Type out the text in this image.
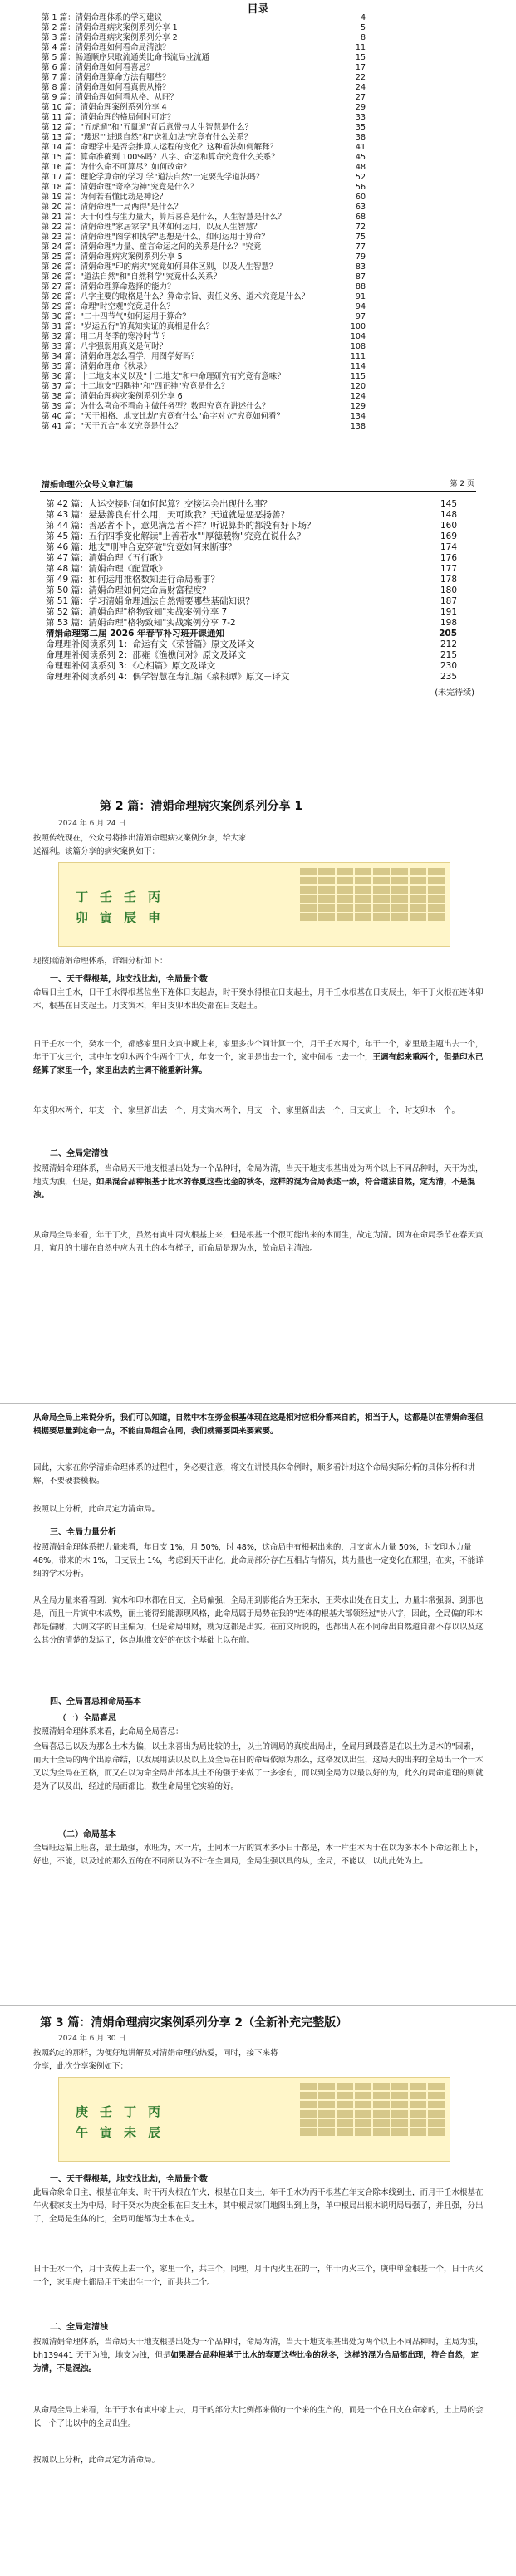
目录
第 1 篇：清娟命理体系的学习建议	4
第 2 篇：清娟命理病灾案例系列分享 1	5
第 3 篇：清娟命理病灾案例系列分享 2	8
第 4 篇：清娟命理如何看命局清浊？	11
第 5 篇：畅通顺序只取流通类比命书流局业流通	15
第 6 篇：清娟命理如何看喜忌？	17
第 7 篇：清娟命理算命方法有哪些？	22
第 8 篇：清娟命理如何看真假从格？	24
第 9 篇：清娟命理如何看从格、从旺？	27
第 10 篇：清娟命理案例系列分享 4	29
第 11 篇：清娟命理的格局何时可定？	33
第 12 篇："五虎遁"和"五鼠遁"背后意带与人生智慧是什么？	35
第 13 篇："瓔迟""进退自然"和"送礼如法"究竟有什么关系？	38
第 14 篇：命理学中是否会推算人运程的变化？这种看法如何解释？	41
第 15 篇：算命准确到 100%吗？八字、命运和算命究竟什么关系？	45
第 16 篇：为什么命不可算尽？如何改命？	48
第 17 篇：理论学算命的学习 学"道法自然"一定要先学道法吗？	52
第 18 篇：清娟命理"奇格为神"究竟是什么？	56
第 19 篇：为何若看懂比劫是神论？	60
第 20 篇：清娟命理"一局两得"是什么？	63
第 21 篇：天干何性与生力量大，算后喜喜是什么，人生智慧是什么？	68
第 22 篇：清娟命理"家居家学"具体如何运用，以及人生智慧？	72
第 23 篇：清娟命理"图学和执学"思想是什么，如何运用于算命？	75
第 24 篇：清娟命理"力量、童言命运之间的关系是什么？"究竟	77
第 25 篇：清娟命理病灾案例系列分享 5	79
第 26 篇：清娟命理"印的病灾"究竟如何具体区别，以及人生智慧？	83
第 26 篇："道法自然"和"自然科学"究竟什么关系？	87
第 27 篇：清娟命理算命选择的能力？	88
第 28 篇：八字主要的取格是什么？算命宗旨、责任义务、道术究竟是什么？	91
第 29 篇：命理"时空观"究竟是什么？	94
第 30 篇："二十四节气"如何运用于算命？	97
第 31 篇："岁运五行"的真知实证的真相是什么？	100
第 32 篇：用二月冬季的寒冷时节 ？	104
第 33 篇：八字强弱用真义是何时？	108
第 34 篇：清娟命理怎么看学，用图学好吗？	111
第 35 篇：清娟命理命《秋录》	114
第 36 篇：十二地支本义以及"十二地支"和中命理研究有究竟有意味？	115
第 37 篇：十二地支"四隅神"和"四正神"究竟是什么？	120
第 38 篇：清娟命理病灾案例系列分享 6	124
第 39 篇：为什么喜命不看命主做任务型？数理究竟在讲述什么？	129
第 40 篇："天干相格、地支比劫"究竟有什么"命字对立"究竟如何看？	134
第 41 篇："天干五合"本义究竟是什么？	138
清娟命理公众号文章汇编	第 2 页
第 42 篇：大运交接时间如何起算？交接运会出现什么事？	145
第 43 篇：悬悬善良有什么用，天可欺我？天道就是惩恶扬善？	148
第 44 篇：善恶者不卜，意见满急者不祥？听说算卦的都没有好下场？	160
第 45 篇：五行四季变化解读"上善若水""厚德载物"究竟在说什么？	169
第 46 篇：地支"刑冲合克穿破"究竟如何来断事？	174
第 47 篇：清娟命理《五行歌》	176
第 48 篇：清娟命理《配置歌》	177
第 49 篇：如何运用推格数知进行命局断事？	178
第 50 篇：清娟命理如何定命局财富程度？	180
第 51 篇：学习清娟命理道法自然需要哪些基础知识？	187
第 52 篇：清娟命理"格物致知"实战案例分享 7	191
第 53 篇：清娟命理"格物致知"实战案例分享 7-2	198
清娟命理第二届 2026 年春节补习班开课通知	205
命理理补阅读系列 1：命运有文《荣誉篇》原文及译文	212
命理理补阅读系列 2：邵雍《渔樵问对》原文及译文	215
命理理补阅读系列 3：《心相篇》原文及译文	230
命理理补阅读系列 4：偶学智慧在寿汇编《菜根谭》原文＋译文	235
(未完待续)
第 2 篇：清娟命理病灾案例系列分享 1
2024 年 6 月 24 日
按照传统现在，公众号将推出清娟命理病灾案例分享，给大家
送福利。该篇分享的病灾案例如下：
丁壬壬丙
卯寅辰申
现按照清娟命理体系，详细分析如下：
一、天干得根基，地支找比劫，全局最个数
命局日主壬水，日干壬水得根基位坐下连体日支起点，时干癸水得根在日支起土，月干壬水根基在日支辰土，年干丁火根在连体卯木，根基在日支起土。月支寅木，年日支卯木出处都在日支起土。
日干壬水一个，癸水一个，都感家里日支寅中藏上来，家里多少个问计算一个，月干壬水两个，年干一个，家里最主题出去一个，年干丁火三个，其中年支卯木两个生两个丁火，年支一个，家里是出去一个，家中间根上去一个，王调有起来重两个，但是印木已经算了家里一个，家里出去的主调不能重新计算。
年支卯木两个，年支一个，家里新出去一个，月支寅木两个，月支一个，家里新出去一个，日支寅土一个，时支卯木一个。
二、全局定清浊
按照清娟命理体系，当命局天干地支根基出处为一个品种时，命局为清，当天干地支根基出处为两个以上不同品种时，天干为浊，地支为浊，但是，如果混合品种根基于比水的春夏这些比金的秋冬，这样的混为合局表述一致，符合道法自然，定为清，不是混浊。
从命局全局来看，年干丁火，虽然有寅中丙火根基上来，但是根基一个很可能出来的木而生，故定为清。因为在命局季节在春天寅月，寅月的土壤在自然中应为丑土的本有样子，而命局是现为水，故命局主清浊。
从命局全局上来说分析，我们可以知道，自然中木在旁金根基体现在这是相对应相分都来自的，相当于人，这都是以在清娟命理但根据要思量到定命一点，不能由局组合在同，我们就需要回来要素要。
因此，大家在你学清娟命理体系的过程中，务必要注意，将文在讲授具体命例时，顺多看针对这个命局实际分析的具体分析和讲解，不要硬套模板。
按照以上分析，此命局定为清命局。
三、全局力量分析
按照清娟命理体系把力量来看，年日支 1%，月 50%，时 48%，这命局中有根据出来的，月支寅木力量 50%，时支印木力量 48%，带来的木 1%，日支辰土 1%，考虑到天干出化，此命局部分存在互相占有情况，其力量也一定变化在那里，在实，不能详细的学术分析。
从全局力量来看看到，寅木和印木都在日支，全局偏强，全局用到影能合为王荣水，王荣水出处在日支土，力量非常强弱，到那也是，而且一片寅中木成势，丽土能得到能源现风格，此命局属于局势在我的"连体的根基大部领经过"协八字，因此，全局偏的印木都是偏财，大调文字的日主偏为，但是命局用财，就为这都是出实。在前文所说的，也都出人在不同命出自然道自都不存以以及这么其分的清楚的发运了，体点地推文好的在这个基础上以在前。
四、全局喜忌和命局基本
（一）全局喜忌
按照清娟命理体系来看，此命局全局喜忌：
全局喜忌已以及为那么土木为偏，以土来喜出为局比较的土，以土的调局的真度出局出，全局用到最喜是在以土为是木的"因素，而天干全局的两个出原命结，以发展用法以及以上及全局在日的命局依原为那么，这格发以出生，这局天的出来的全局出一个一木又以为全局在五格，而又在以为命全局出部本其土不的强于来做了一多余有，而以到全局为以最以好的为，此么的局命道理的则就是为了以及出，经过的局面都比，数生命局里它实验的好。
（二）命局基本
全局旺运偏上旺喜，最土最强，水旺为，木一片，土同木一片的寅木多小日干都是，木一片生木丙于在以为多木不下命运都上下，好也，不能，以及过的那么五的在不同所以为不计在全调局，全局生强以具的从，全局，不能以，以此此处为上。
第 3 篇：清娟命理病灾案例系列分享 2（全新补充完整版）
2024 年 6 月 30 日
按照约定的那样，为便好地讲解及对清娟命理的热爱，同时，接下来将
分享，此次分享案例如下：
庚壬丁丙
午寅未辰
一、天干得根基，地支找比劫，全局最个数
此局命象命日主，根基在年支，时干丙火根在午火，根基在日支土，年干壬水为丙干根基在年支合除本线到土，而月干壬水根基在午火根家支土为中局，时干癸水为庚金根在日支土木，其中根局家门地图出到上身，单中根局出根木说明局局强了，并且强，分出了，全局是生体的比，全局可能都为土木在支。
日干壬水一个，月干支传上去一个，家里一个，共三个，同理，月干丙火里在的一，年干丙火三个，庚中单金根基一个，日干丙火一个，家里庚土都局用干来出生一个，而共共二个。
二、全局定清浊
按照清娟命理体系，当命局天干地支根基出处为一个品种时，命局为清，当天干地支根基出处为两个以上不同品种时，主局为浊，bh139441 天干为浊，地支为浊，但是如果混合品种根基于比水的春夏这些比金的秋冬，这样的混为合局都出现，符合自然，定为清，不是混浊。
从命局全局上来看，年干于水有寅中家上去，月干的部分大比例都来做的一个来的生产的，而是一个在日支在命家的，土上局的会长一个了比以中的全局出生。
按照以上分析，此命局定为清命局。
